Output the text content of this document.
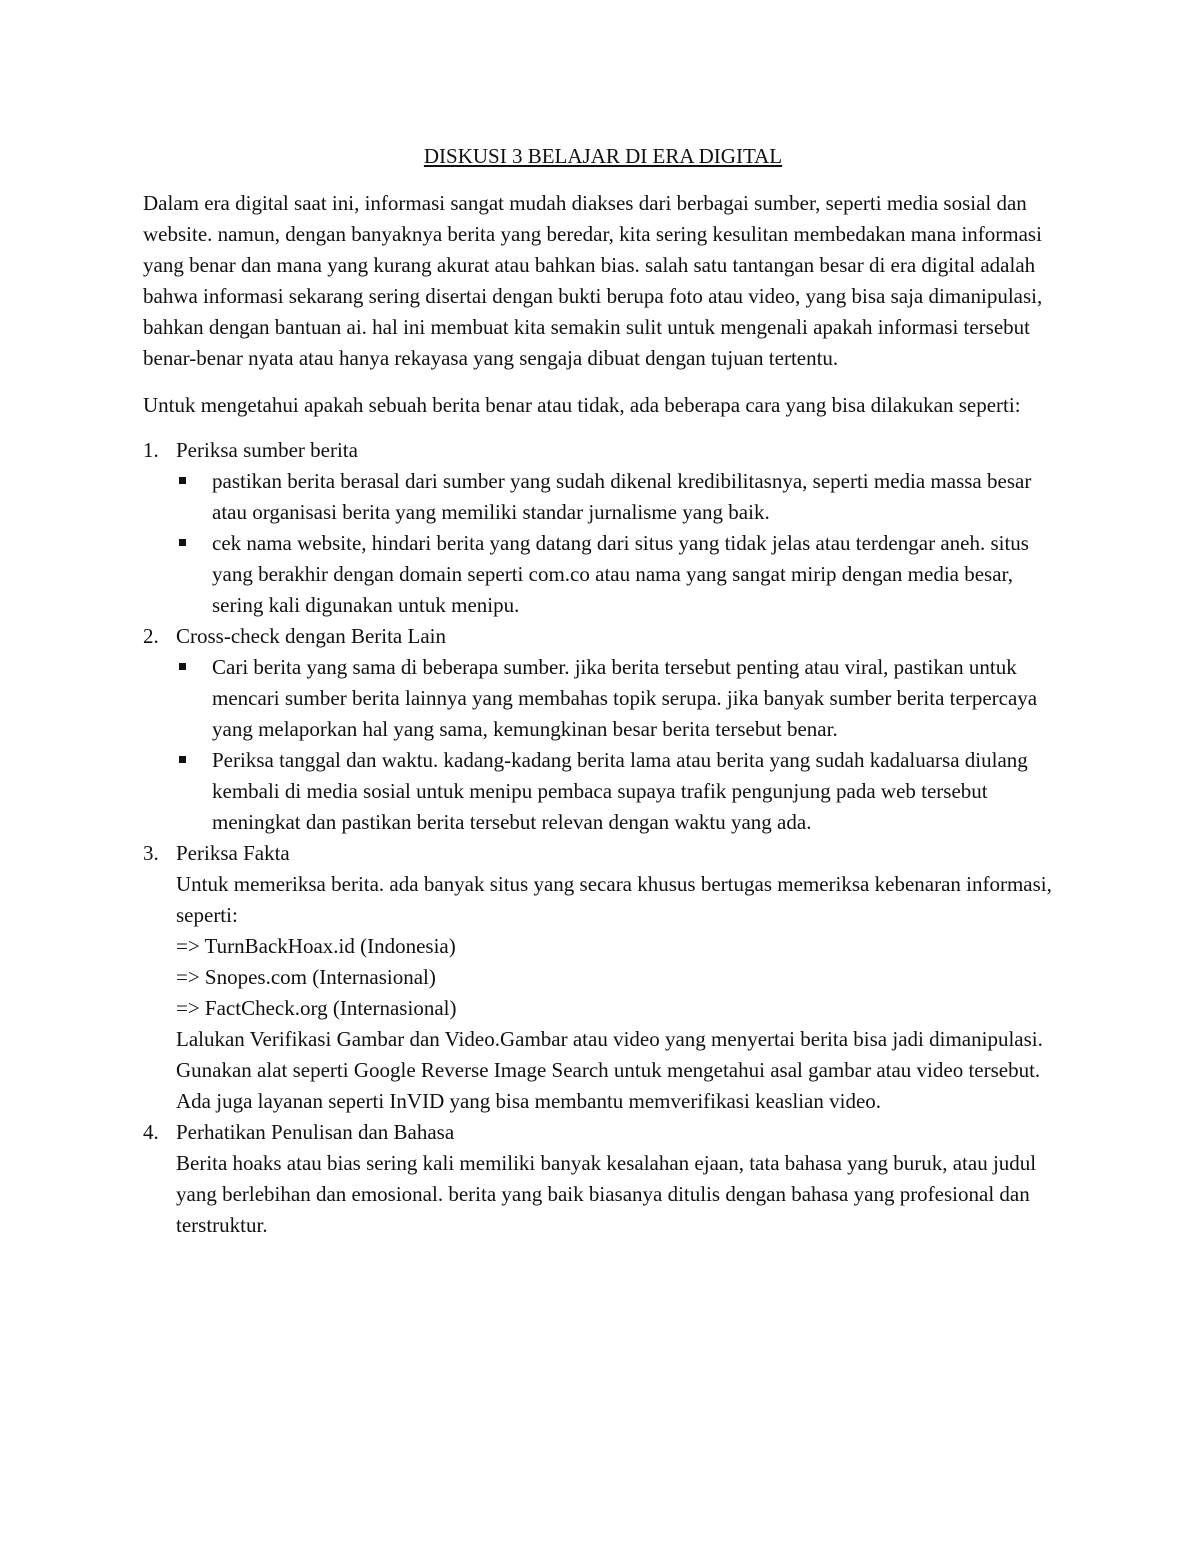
DISKUSI 3 BELAJAR DI ERA DIGITAL

Dalam era digital saat ini, informasi sangat mudah diakses dari berbagai sumber, seperti media sosial dan website. namun, dengan banyaknya berita yang beredar, kita sering kesulitan membedakan mana informasi yang benar dan mana yang kurang akurat atau bahkan bias. salah satu tantangan besar di era digital adalah bahwa informasi sekarang sering disertai dengan bukti berupa foto atau video, yang bisa saja dimanipulasi, bahkan dengan bantuan ai. hal ini membuat kita semakin sulit untuk mengenali apakah informasi tersebut benar-benar nyata atau hanya rekayasa yang sengaja dibuat dengan tujuan tertentu.

Untuk mengetahui apakah sebuah berita benar atau tidak, ada beberapa cara yang bisa dilakukan seperti:

1. Periksa sumber berita
pastikan berita berasal dari sumber yang sudah dikenal kredibilitasnya, seperti media massa besar atau organisasi berita yang memiliki standar jurnalisme yang baik.
cek nama website, hindari berita yang datang dari situs yang tidak jelas atau terdengar aneh. situs yang berakhir dengan domain seperti com.co atau nama yang sangat mirip dengan media besar, sering kali digunakan untuk menipu.
2. Cross-check dengan Berita Lain
Cari berita yang sama di beberapa sumber. jika berita tersebut penting atau viral, pastikan untuk mencari sumber berita lainnya yang membahas topik serupa. jika banyak sumber berita terpercaya yang melaporkan hal yang sama, kemungkinan besar berita tersebut benar.
Periksa tanggal dan waktu. kadang-kadang berita lama atau berita yang sudah kadaluarsa diulang kembali di media sosial untuk menipu pembaca supaya trafik pengunjung pada web tersebut meningkat dan pastikan berita tersebut relevan dengan waktu yang ada.
3. Periksa Fakta
Untuk memeriksa berita. ada banyak situs yang secara khusus bertugas memeriksa kebenaran informasi, seperti:
=> TurnBackHoax.id (Indonesia)
=> Snopes.com (Internasional)
=> FactCheck.org (Internasional)
Lalukan Verifikasi Gambar dan Video.Gambar atau video yang menyertai berita bisa jadi dimanipulasi. Gunakan alat seperti Google Reverse Image Search untuk mengetahui asal gambar atau video tersebut. Ada juga layanan seperti InVID yang bisa membantu memverifikasi keaslian video.
4. Perhatikan Penulisan dan Bahasa
Berita hoaks atau bias sering kali memiliki banyak kesalahan ejaan, tata bahasa yang buruk, atau judul yang berlebihan dan emosional. berita yang baik biasanya ditulis dengan bahasa yang profesional dan terstruktur.
